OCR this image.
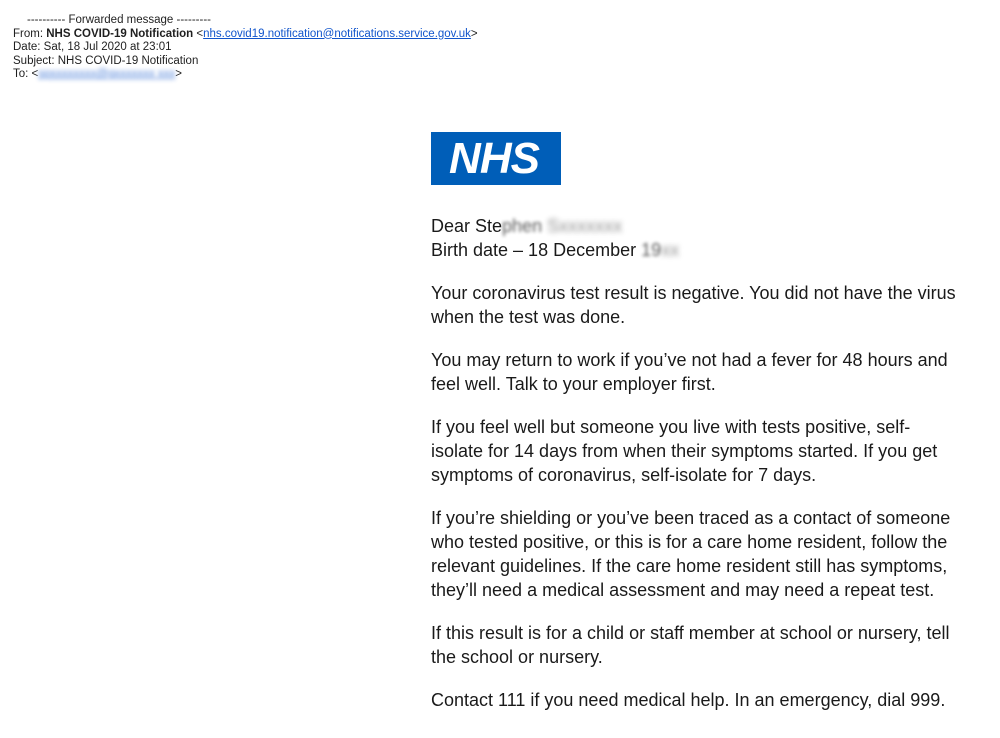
---------- Forwarded message ---------
From: NHS COVID-19 Notification <nhs.covid19.notification@notifications.service.gov.uk>
Date: Sat, 18 Jul 2020 at 23:01
Subject: NHS COVID-19 Notification
To: <spxxxxxxxx@gxxxxxxx xxx>
NHS

Dear Stephen Sxxxxxxx
Birth date – 18 December 19xx

Your coronavirus test result is negative. You did not have the virus
when the test was done.

You may return to work if you’ve not had a fever for 48 hours and
feel well. Talk to your employer first.

If you feel well but someone you live with tests positive, self-
isolate for 14 days from when their symptoms started. If you get
symptoms of coronavirus, self-isolate for 7 days.

If you’re shielding or you’ve been traced as a contact of someone
who tested positive, or this is for a care home resident, follow the
relevant guidelines. If the care home resident still has symptoms,
they’ll need a medical assessment and may need a repeat test.

If this result is for a child or staff member at school or nursery, tell
the school or nursery.

Contact 111 if you need medical help. In an emergency, dial 999.
